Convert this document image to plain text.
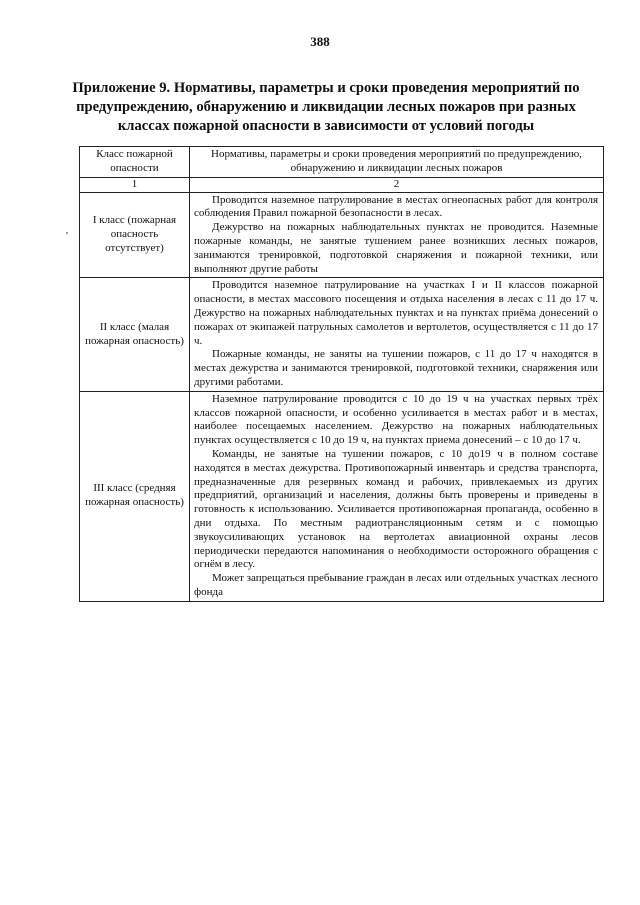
388
Приложение 9. Нормативы, параметры и сроки проведения мероприятий по предупреждению, обнаружению и ликвидации лесных пожаров при разных классах пожарной опасности в зависимости от условий погоды
'
Класс пожарной опасности	Нормативы, параметры и сроки проведения мероприятий по предупреждению, обнаружению и ликвидации лесных пожаров
1	2
I класс (пожарная опасность отсутствует)	Проводится наземное патрулирование в местах огнеопасных работ для контроля соблюдения Правил пожарной безопасности в лесах.

Дежурство на пожарных наблюдательных пунктах не проводится. Наземные пожарные команды, не занятые тушением ранее возникших лесных пожаров, занимаются тренировкой, подготовкой снаряжения и пожарной техники, или выполняют другие работы

II класс (малая пожарная опасность)	Проводится наземное патрулирование на участках I и II классов пожарной опасности, в местах массового посещения и отдыха населения в лесах с 11 до 17 ч. Дежурство на пожарных наблюдательных пунктах и на пунктах приёма донесений о пожарах от экипажей патрульных самолетов и вертолетов, осуществляется с 11 до 17 ч.

Пожарные команды, не заняты на тушении пожаров, с 11 до 17 ч находятся в местах дежурства и занимаются тренировкой, подготовкой техники, снаряжения или другими работами.

III класс (средняя пожарная опасность)	Наземное патрулирование проводится с 10 до 19 ч на участках первых трёх классов пожарной опасности, и особенно усиливается в местах работ и в местах, наиболее посещаемых населением. Дежурство на пожарных наблюдательных пунктах осуществляется с 10 до 19 ч, на пунктах приема донесений – с 10 до 17 ч.

Команды, не занятые на тушении пожаров, с 10 до19 ч в полном составе находятся в местах дежурства. Противопожарный инвентарь и средства транспорта, предназначенные для резервных команд и рабочих, привлекаемых из других предприятий, организаций и населения, должны быть проверены и приведены в готовность к использованию. Усиливается противопожарная пропаганда, особенно в дни отдыха. По местным радиотрансляционным сетям и с помощью звукоусиливающих установок на вертолетах авиационной охраны лесов периодически передаются напоминания о необходимости осторожного обращения с огнём в лесу.

Может запрещаться пребывание граждан в лесах или отдельных участках лесного фонда
